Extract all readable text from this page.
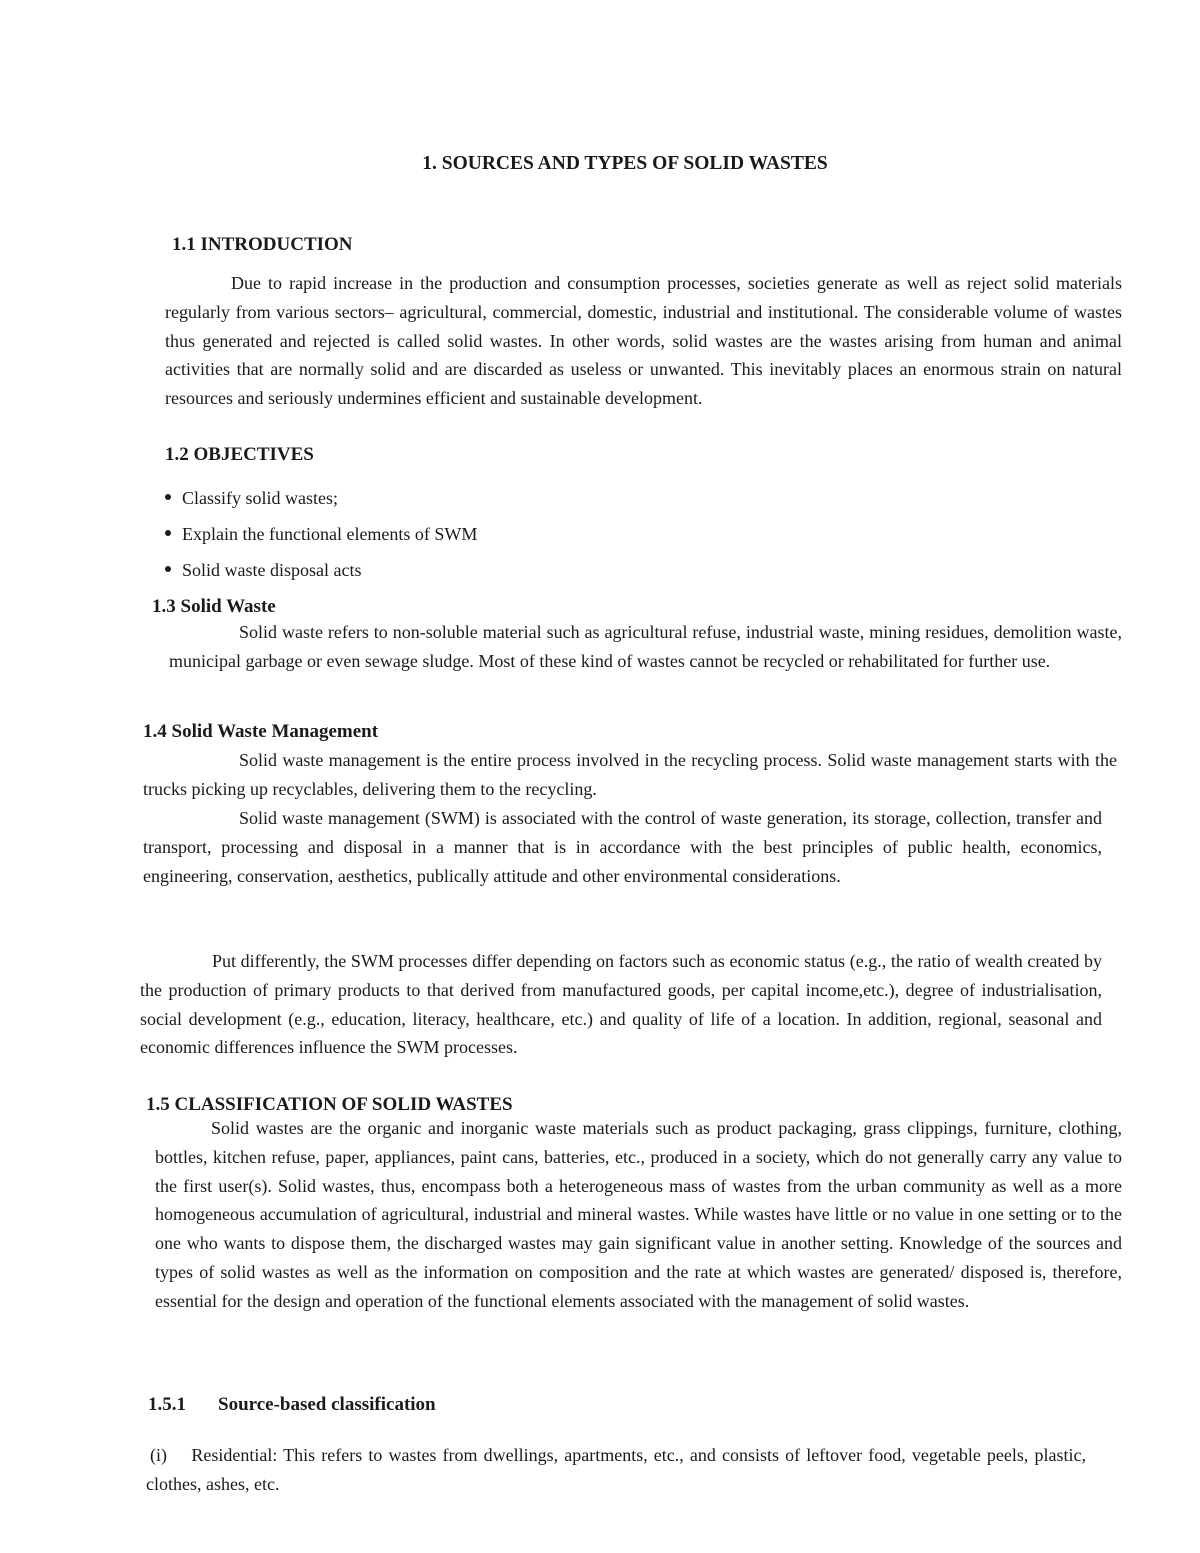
1. SOURCES AND TYPES OF SOLID WASTES
1.1 INTRODUCTION

Due to rapid increase in the production and consumption processes, societies generate as well as reject solid materials regularly from various sectors– agricultural, commercial, domestic, industrial and institutional. The considerable volume of wastes thus generated and rejected is called solid wastes. In other words, solid wastes are the wastes arising from human and animal activities that are normally solid and are discarded as useless or unwanted. This inevitably places an enormous strain on natural resources and seriously undermines efficient and sustainable development.

1.2 OBJECTIVES
Classify solid wastes;
Explain the functional elements of SWM
Solid waste disposal acts
1.3 Solid Waste

Solid waste refers to non-soluble material such as agricultural refuse, industrial waste, mining residues, demolition waste, municipal garbage or even sewage sludge. Most of these kind of wastes cannot be recycled or rehabilitated for further use.

1.4 Solid Waste Management

Solid waste management is the entire process involved in the recycling process. Solid waste management starts with the trucks picking up recyclables, delivering them to the recycling.

Solid waste management (SWM) is associated with the control of waste generation, its storage, collection, transfer and transport, processing and disposal in a manner that is in accordance with the best principles of public health, economics, engineering, conservation, aesthetics, publically attitude and other environmental considerations.

Put differently, the SWM processes differ depending on factors such as economic status (e.g., the ratio of wealth created by the production of primary products to that derived from manufactured goods, per capital income,etc.), degree of industrialisation, social development (e.g., education, literacy, healthcare, etc.) and quality of life of a location. In addition, regional, seasonal and economic differences influence the SWM processes.

1.5 CLASSIFICATION OF SOLID WASTES

Solid wastes are the organic and inorganic waste materials such as product packaging, grass clippings, furniture, clothing, bottles, kitchen refuse, paper, appliances, paint cans, batteries, etc., produced in a society, which do not generally carry any value to the first user(s). Solid wastes, thus, encompass both a heterogeneous mass of wastes from the urban community as well as a more homogeneous accumulation of agricultural, industrial and mineral wastes. While wastes have little or no value in one setting or to the one who wants to dispose them, the discharged wastes may gain significant value in another setting. Knowledge of the sources and types of solid wastes as well as the information on composition and the rate at which wastes are generated/ disposed is, therefore, essential for the design and operation of the functional elements associated with the management of solid wastes.

1.5.1 Source-based classification

(i)    Residential: This refers to wastes from dwellings, apartments, etc., and consists of leftover food, vegetable peels, plastic, clothes, ashes, etc.
